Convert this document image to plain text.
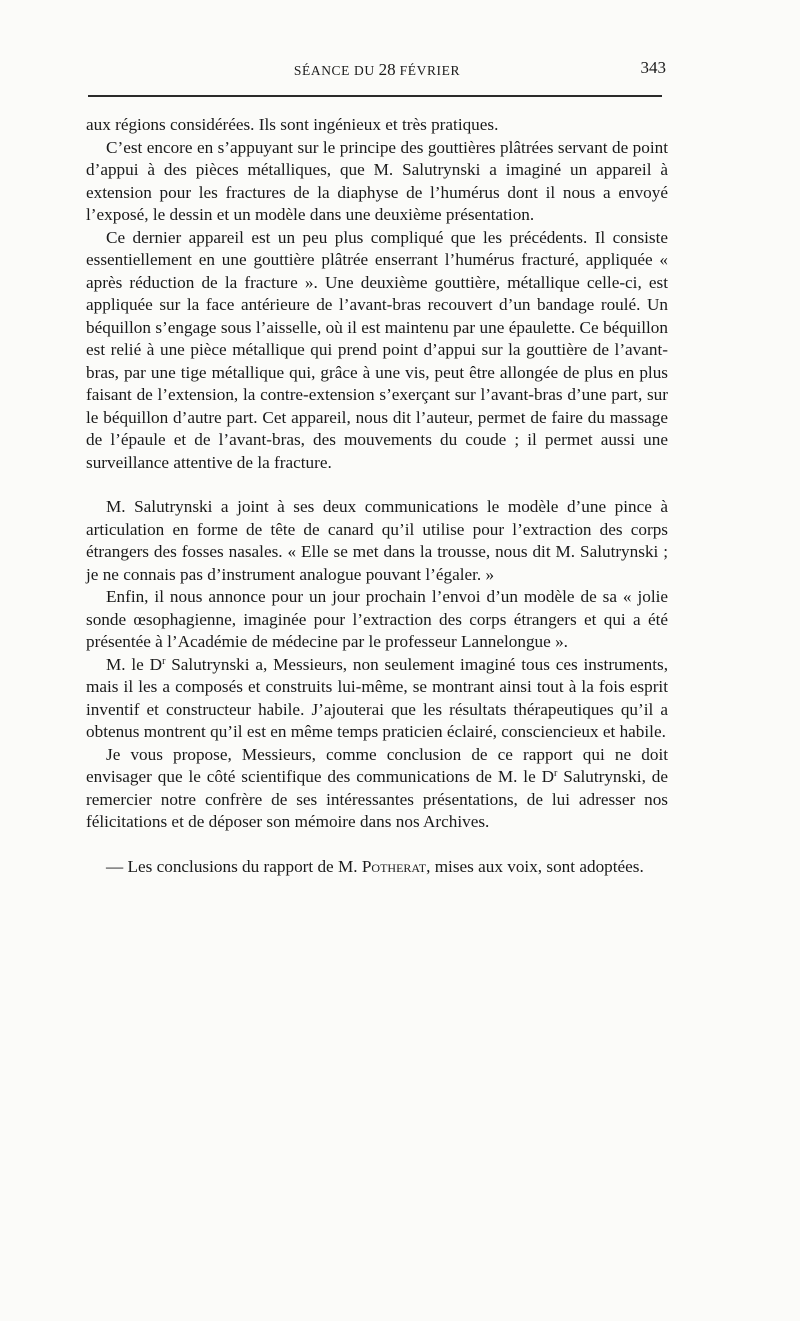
SÉANCE DU 28 FÉVRIER	343

aux régions considérées. Ils sont ingénieux et très pratiques.

C’est encore en s’appuyant sur le principe des gouttières plâtrées servant de point d’appui à des pièces métalliques, que M. Salutrynski a imaginé un appareil à extension pour les fractures de la diaphyse de l’humérus dont il nous a envoyé l’exposé, le dessin et un modèle dans une deuxième présentation.

Ce dernier appareil est un peu plus compliqué que les précédents. Il consiste essentiellement en une gouttière plâtrée enserrant l’humérus fracturé, appliquée « après réduction de la fracture ». Une deuxième gouttière, métallique celle-ci, est appliquée sur la face antérieure de l’avant-bras recouvert d’un bandage roulé. Un béquillon s’engage sous l’aisselle, où il est maintenu par une épaulette. Ce béquillon est relié à une pièce métallique qui prend point d’appui sur la gouttière de l’avant-bras, par une tige métallique qui, grâce à une vis, peut être allongée de plus en plus faisant de l’extension, la contre-extension s’exerçant sur l’avant-bras d’une part, sur le béquillon d’autre part. Cet appareil, nous dit l’auteur, permet de faire du massage de l’épaule et de l’avant-bras, des mouvements du coude ; il permet aussi une surveillance attentive de la fracture.

M. Salutrynski a joint à ses deux communications le modèle d’une pince à articulation en forme de tête de canard qu’il utilise pour l’extraction des corps étrangers des fosses nasales. « Elle se met dans la trousse, nous dit M. Salutrynski ; je ne connais pas d’instrument analogue pouvant l’égaler. »

Enfin, il nous annonce pour un jour prochain l’envoi d’un modèle de sa « jolie sonde œsophagienne, imaginée pour l’extraction des corps étrangers et qui a été présentée à l’Académie de médecine par le professeur Lannelongue ».

M. le $D^r$ Salutrynski a, Messieurs, non seulement imaginé tous ces instruments, mais il les a composés et construits lui-même, se montrant ainsi tout à la fois esprit inventif et constructeur habile. J’ajouterai que les résultats thérapeutiques qu’il a obtenus montrent qu’il est en même temps praticien éclairé, consciencieux et habile.

Je vous propose, Messieurs, comme conclusion de ce rapport qui ne doit envisager que le côté scientifique des communications de M. le $D^r$ Salutrynski, de remercier notre confrère de ses intéressantes présentations, de lui adresser nos félicitations et de déposer son mémoire dans nos Archives.

— Les conclusions du rapport de M. Potherat, mises aux voix, sont adoptées.
